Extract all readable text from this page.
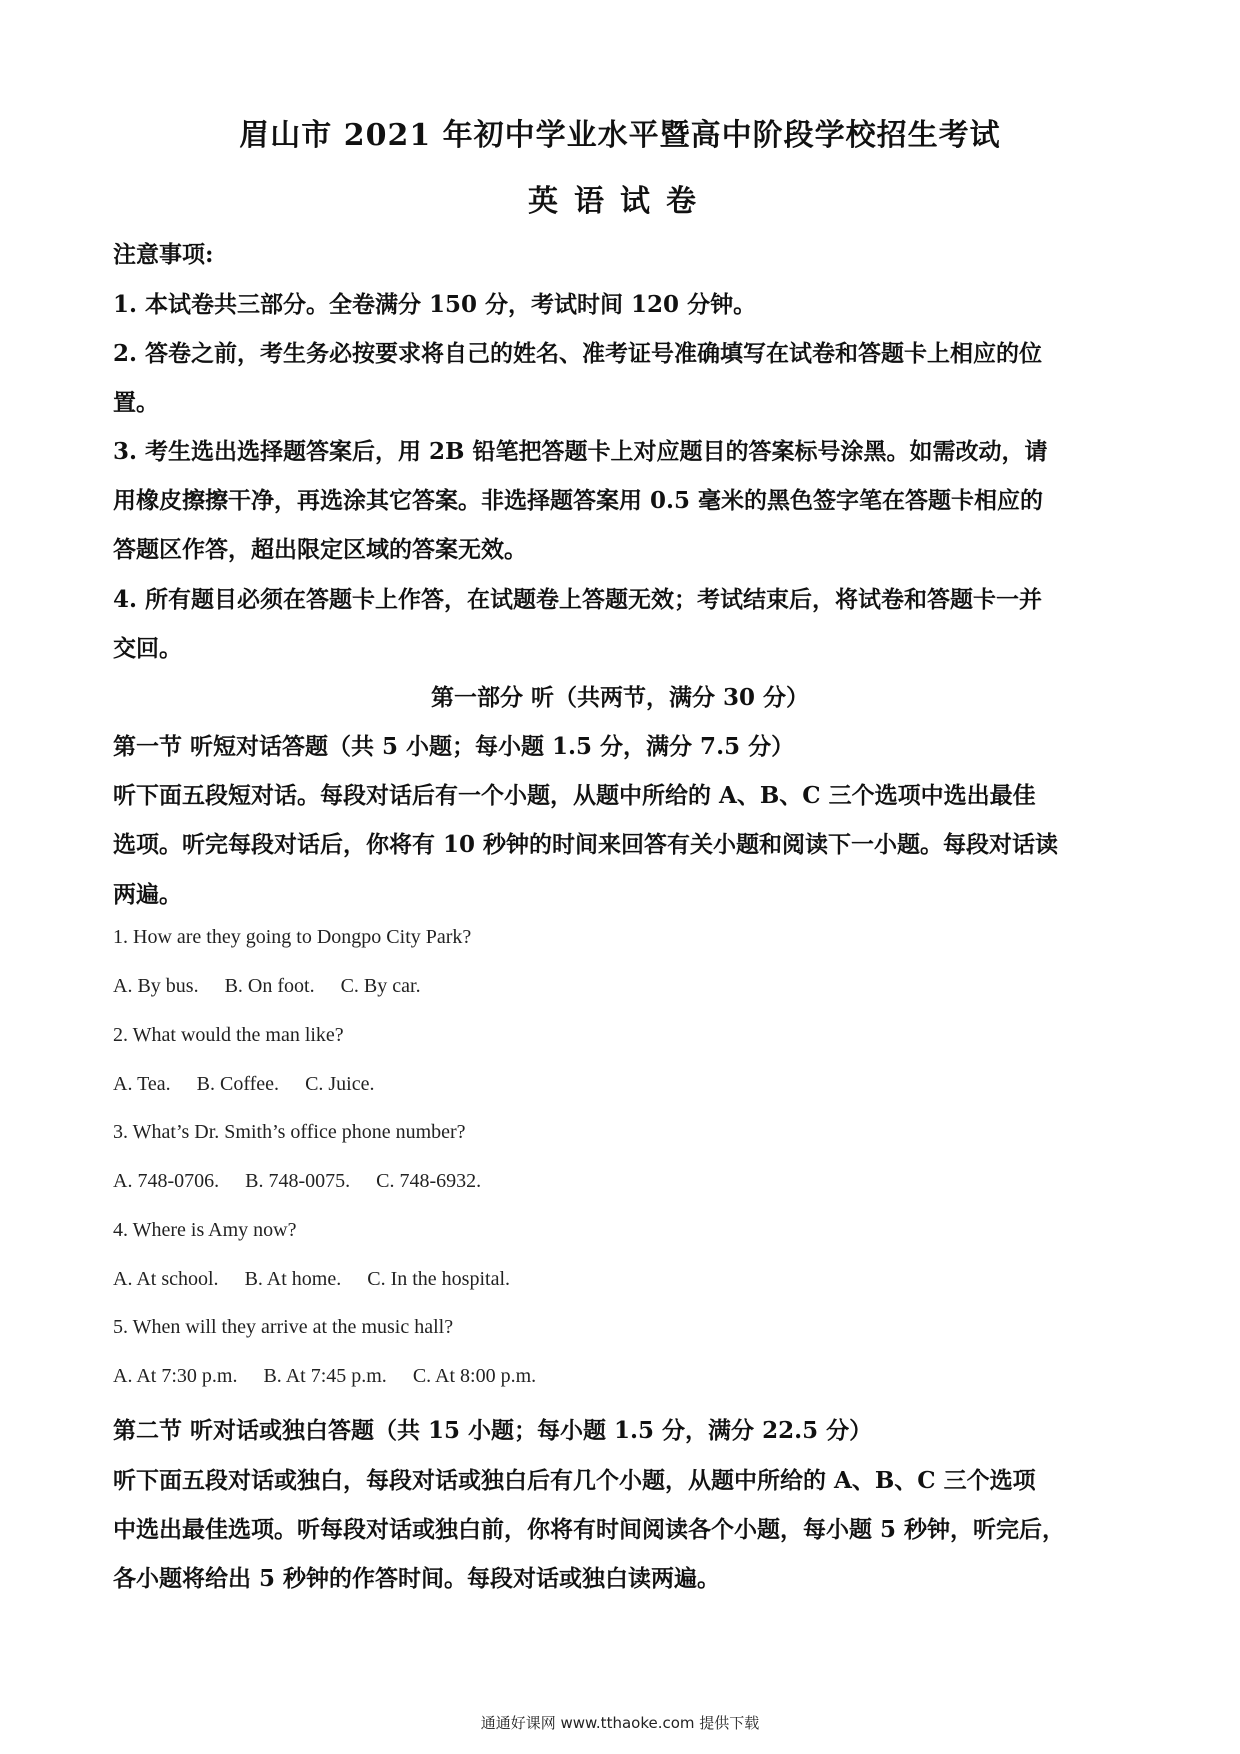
眉山市 2021 年初中学业水平暨高中阶段学校招生考试
英语试卷
注意事项:
1. 本试卷共三部分。全卷满分 150 分，考试时间 120 分钟。
2. 答卷之前，考生务必按要求将自己的姓名、准考证号准确填写在试卷和答题卡上相应的位
置。
3. 考生选出选择题答案后，用 2B 铅笔把答题卡上对应题目的答案标号涂黑。如需改动，请
用橡皮擦擦干净，再选涂其它答案。非选择题答案用 0.5 毫米的黑色签字笔在答题卡相应的
答题区作答，超出限定区域的答案无效。
4. 所有题目必须在答题卡上作答，在试题卷上答题无效；考试结束后，将试卷和答题卡一并
交回。
第一部分 听（共两节，满分 30 分）
第一节 听短对话答题（共 5 小题；每小题 1.5 分，满分 7.5 分）
听下面五段短对话。每段对话后有一个小题，从题中所给的 A、B、C 三个选项中选出最佳
选项。听完每段对话后，你将有 10 秒钟的时间来回答有关小题和阅读下一小题。每段对话读
两遍。
1. How are they going to Dongpo City Park?
A. By bus. B. On foot. C. By car.
2. What would the man like?
A. Tea. B. Coffee. C. Juice.
3. What’s Dr. Smith’s office phone number?
A. 748-0706. B. 748-0075. C. 748-6932.
4. Where is Amy now?
A. At school. B. At home. C. In the hospital.
5. When will they arrive at the music hall?
A. At 7:30 p.m. B. At 7:45 p.m. C. At 8:00 p.m.
第二节 听对话或独白答题（共 15 小题；每小题 1.5 分，满分 22.5 分）
听下面五段对话或独白，每段对话或独白后有几个小题，从题中所给的 A、B、C 三个选项
中选出最佳选项。听每段对话或独白前，你将有时间阅读各个小题，每小题 5 秒钟，听完后，
各小题将给出 5 秒钟的作答时间。每段对话或独白读两遍。
通通好课网 www.tthaoke.com 提供下载
